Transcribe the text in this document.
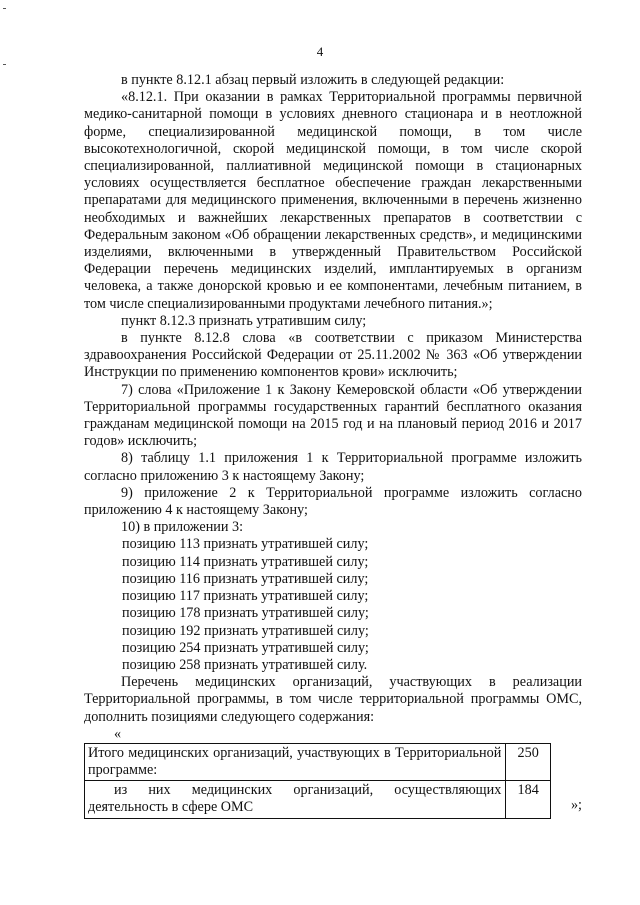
4

в пункте 8.12.1 абзац первый изложить в следующей редакции:

«8.12.1. При оказании в рамках Территориальной программы первичной медико-санитарной помощи в условиях дневного стационара и в неотложной форме, специализированной медицинской помощи, в том числе высокотехнологичной, скорой медицинской помощи, в том числе скорой специализированной, паллиативной медицинской помощи в стационарных условиях осуществляется бесплатное обеспечение граждан лекарственными препаратами для медицинского применения, включенными в перечень жизненно необходимых и важнейших лекарственных препаратов в соответствии с Федеральным законом «Об обращении лекарственных средств», и медицинскими изделиями, включенными в утвержденный Правительством Российской Федерации перечень медицинских изделий, имплантируемых в организм человека, а также донорской кровью и ее компонентами, лечебным питанием, в том числе специализированными продуктами лечебного питания.»;

пункт 8.12.3 признать утратившим силу;

в пункте 8.12.8 слова «в соответствии с приказом Министерства здравоохранения Российской Федерации от 25.11.2002 № 363 «Об утверждении Инструкции по применению компонентов крови» исключить;

7) слова «Приложение 1 к Закону Кемеровской области «Об утверждении Территориальной программы государственных гарантий бесплатного оказания гражданам медицинской помощи на 2015 год и на плановый период 2016 и 2017 годов» исключить;

8) таблицу 1.1 приложения 1 к Территориальной программе изложить согласно приложению 3 к настоящему Закону;

9) приложение 2 к Территориальной программе изложить согласно приложению 4 к настоящему Закону;

10) в приложении 3:

позицию 113 признать утратившей силу;

позицию 114 признать утратившей силу;

позицию 116 признать утратившей силу;

позицию 117 признать утратившей силу;

позицию 178 признать утратившей силу;

позицию 192 признать утратившей силу;

позицию 254 признать утратившей силу;

позицию 258 признать утратившей силу.

Перечень медицинских организаций, участвующих в реализации Территориальной программы, в том числе территориальной программы ОМС, дополнить позициями следующего содержания:

«

Итого медицинских организаций, участвующих в Территориальной программе:	250
из них медицинских организаций, осуществляющих деятельность в сфере ОМС	184
»;
